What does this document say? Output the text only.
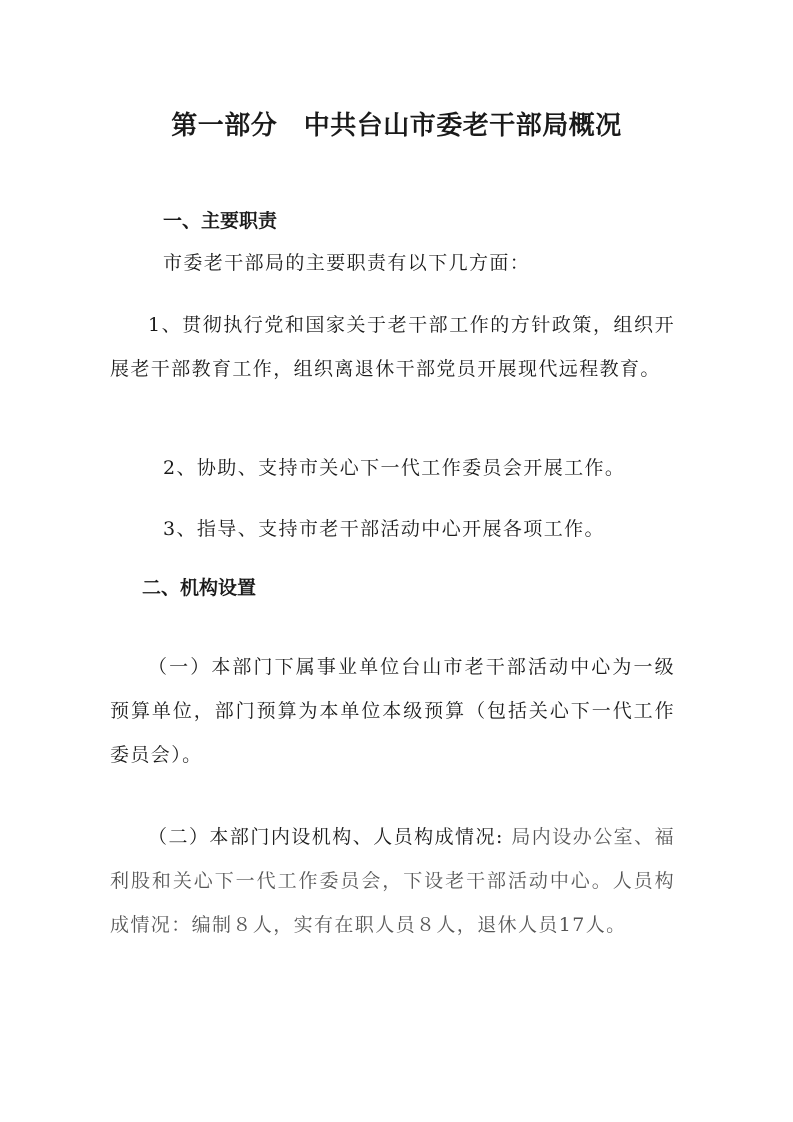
第一部分　中共台山市委老干部局概况
一、主要职责

市委老干部局的主要职责有以下几方面：

1、贯彻执行党和国家关于老干部工作的方针政策，组织开展老干部教育工作，组织离退休干部党员开展现代远程教育。

2、协助、支持市关心下一代工作委员会开展工作。

3、指导、支持市老干部活动中心开展各项工作。

二、机构设置

（一）本部门下属事业单位台山市老干部活动中心为一级预算单位，部门预算为本单位本级预算（包括关心下一代工作委员会）。

（二）本部门内设机构、人员构成情况: 局内设办公室、福利股和关心下一代工作委员会，下设老干部活动中心。人员构成情况：编制８人，实有在职人员８人，退休人员17人。
